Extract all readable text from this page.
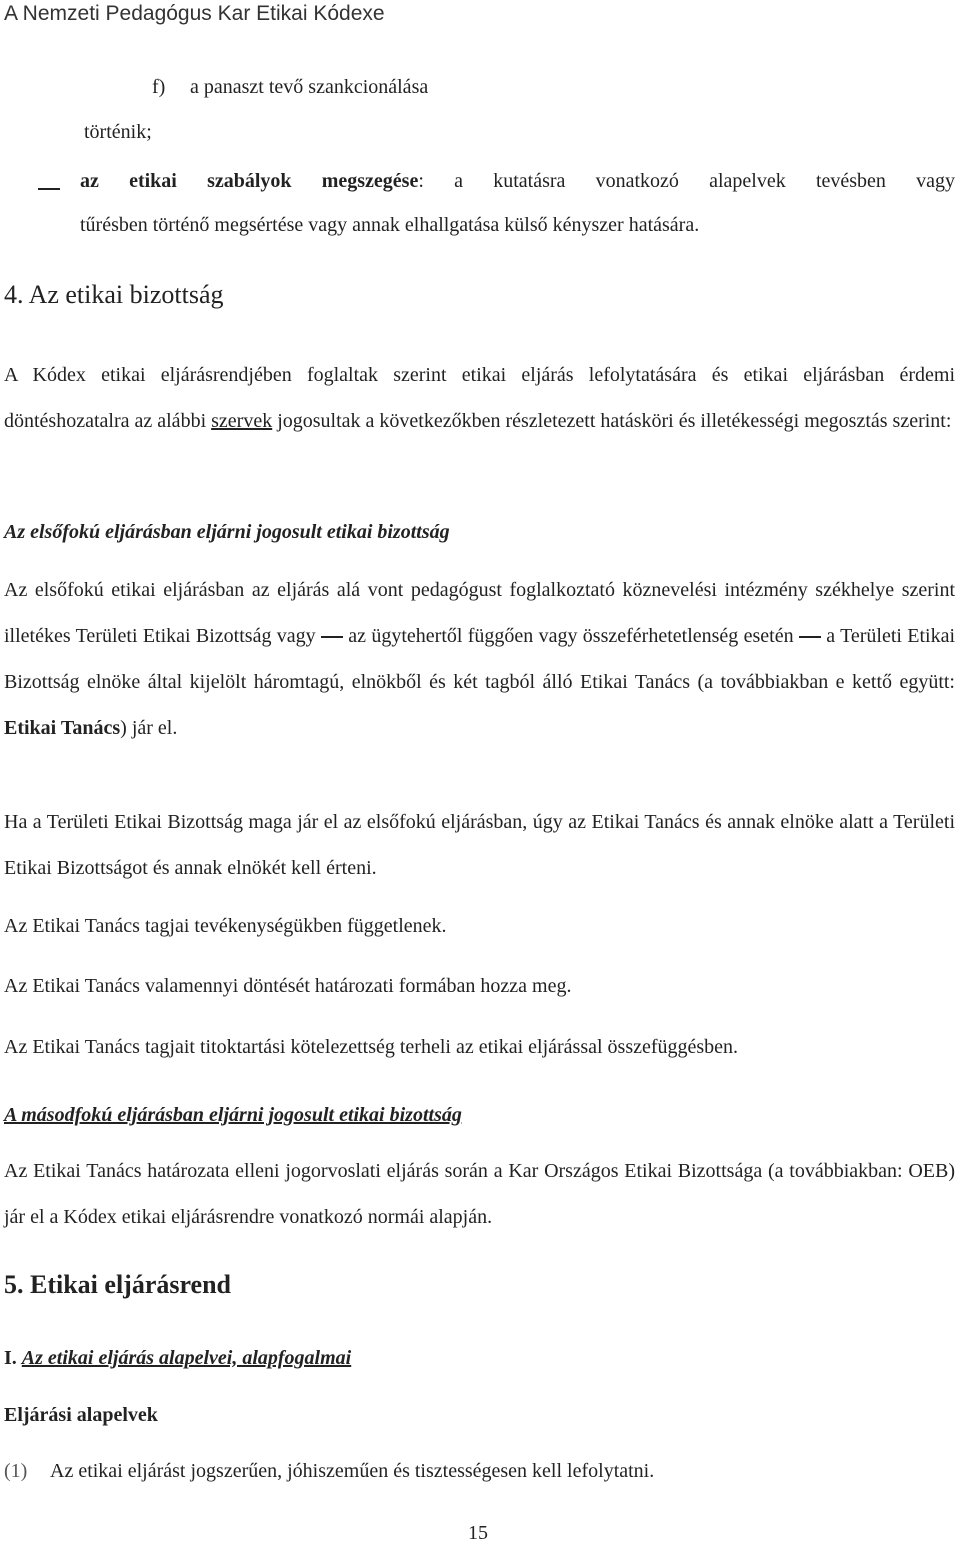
A Nemzeti Pedagógus Kar Etikai Kódexe
f) a panaszt tevő szankcionálása
történik;
az etikai szabályok megszegése: a kutatásra vonatkozó alapelvek tevésben vagy
tűrésben történő megsértése vagy annak elhallgatása külső kényszer hatására.
4. Az etikai bizottság
A Kódex etikai eljárásrendjében foglaltak szerint etikai eljárás lefolytatására és etikai eljárásban érdemi döntéshozatalra az alábbi szervek jogosultak a következőkben részletezett hatásköri és illetékességi megosztás szerint:
Az elsőfokú eljárásban eljárni jogosult etikai bizottság
Az elsőfokú etikai eljárásban az eljárás alá vont pedagógust foglalkoztató köznevelési intézmény székhelye szerint illetékes Területi Etikai Bizottság vagy az ügytehertől függően vagy összeférhetetlenség esetén a Területi Etikai Bizottság elnöke által kijelölt háromtagú, elnökből és két tagból álló Etikai Tanács (a továbbiakban e kettő együtt: Etikai Tanács) jár el.
Ha a Területi Etikai Bizottság maga jár el az elsőfokú eljárásban, úgy az Etikai Tanács és annak elnöke alatt a Területi Etikai Bizottságot és annak elnökét kell érteni.
Az Etikai Tanács tagjai tevékenységükben függetlenek.
Az Etikai Tanács valamennyi döntését határozati formában hozza meg.
Az Etikai Tanács tagjait titoktartási kötelezettség terheli az etikai eljárással összefüggésben.
A másodfokú eljárásban eljárni jogosult etikai bizottság
Az Etikai Tanács határozata elleni jogorvoslati eljárás során a Kar Országos Etikai Bizottsága (a továbbiakban: OEB) jár el a Kódex etikai eljárásrendre vonatkozó normái alapján.
5. Etikai eljárásrend
I. Az etikai eljárás alapelvei, alapfogalmai
Eljárási alapelvek
(1) Az etikai eljárást jogszerűen, jóhiszeműen és tisztességesen kell lefolytatni.
15
